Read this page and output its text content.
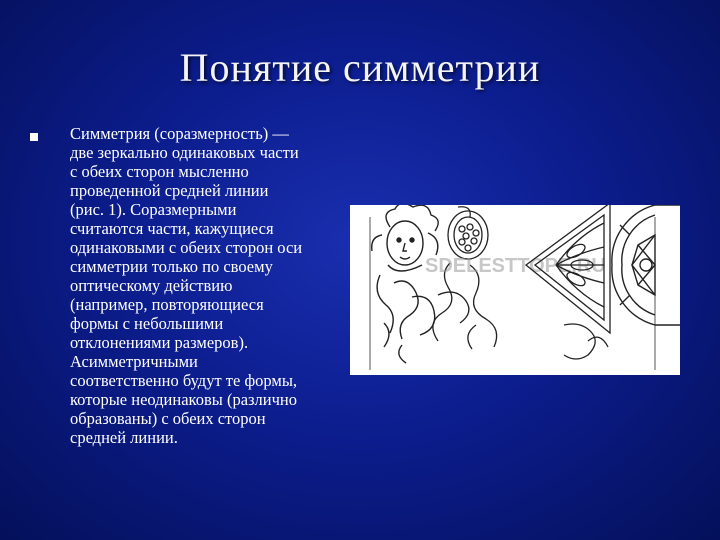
Понятие симметрии

Симметрия (соразмерность) —
две зеркально одинаковых части
с обеих сторон мысленно
проведенной средней линии
(рис. 1). Соразмерными
считаются части, кажущиеся
одинаковыми с обеих сторон оси
симметрии только по своему
оптическому действию
(например, повторяющиеся
формы с небольшими
отклонениями размеров).
Асимметричными
соответственно будут те формы,
которые неодинаковы (различно
образованы) с обеих сторон
средней линии.

SDELESTTOPE.RU
